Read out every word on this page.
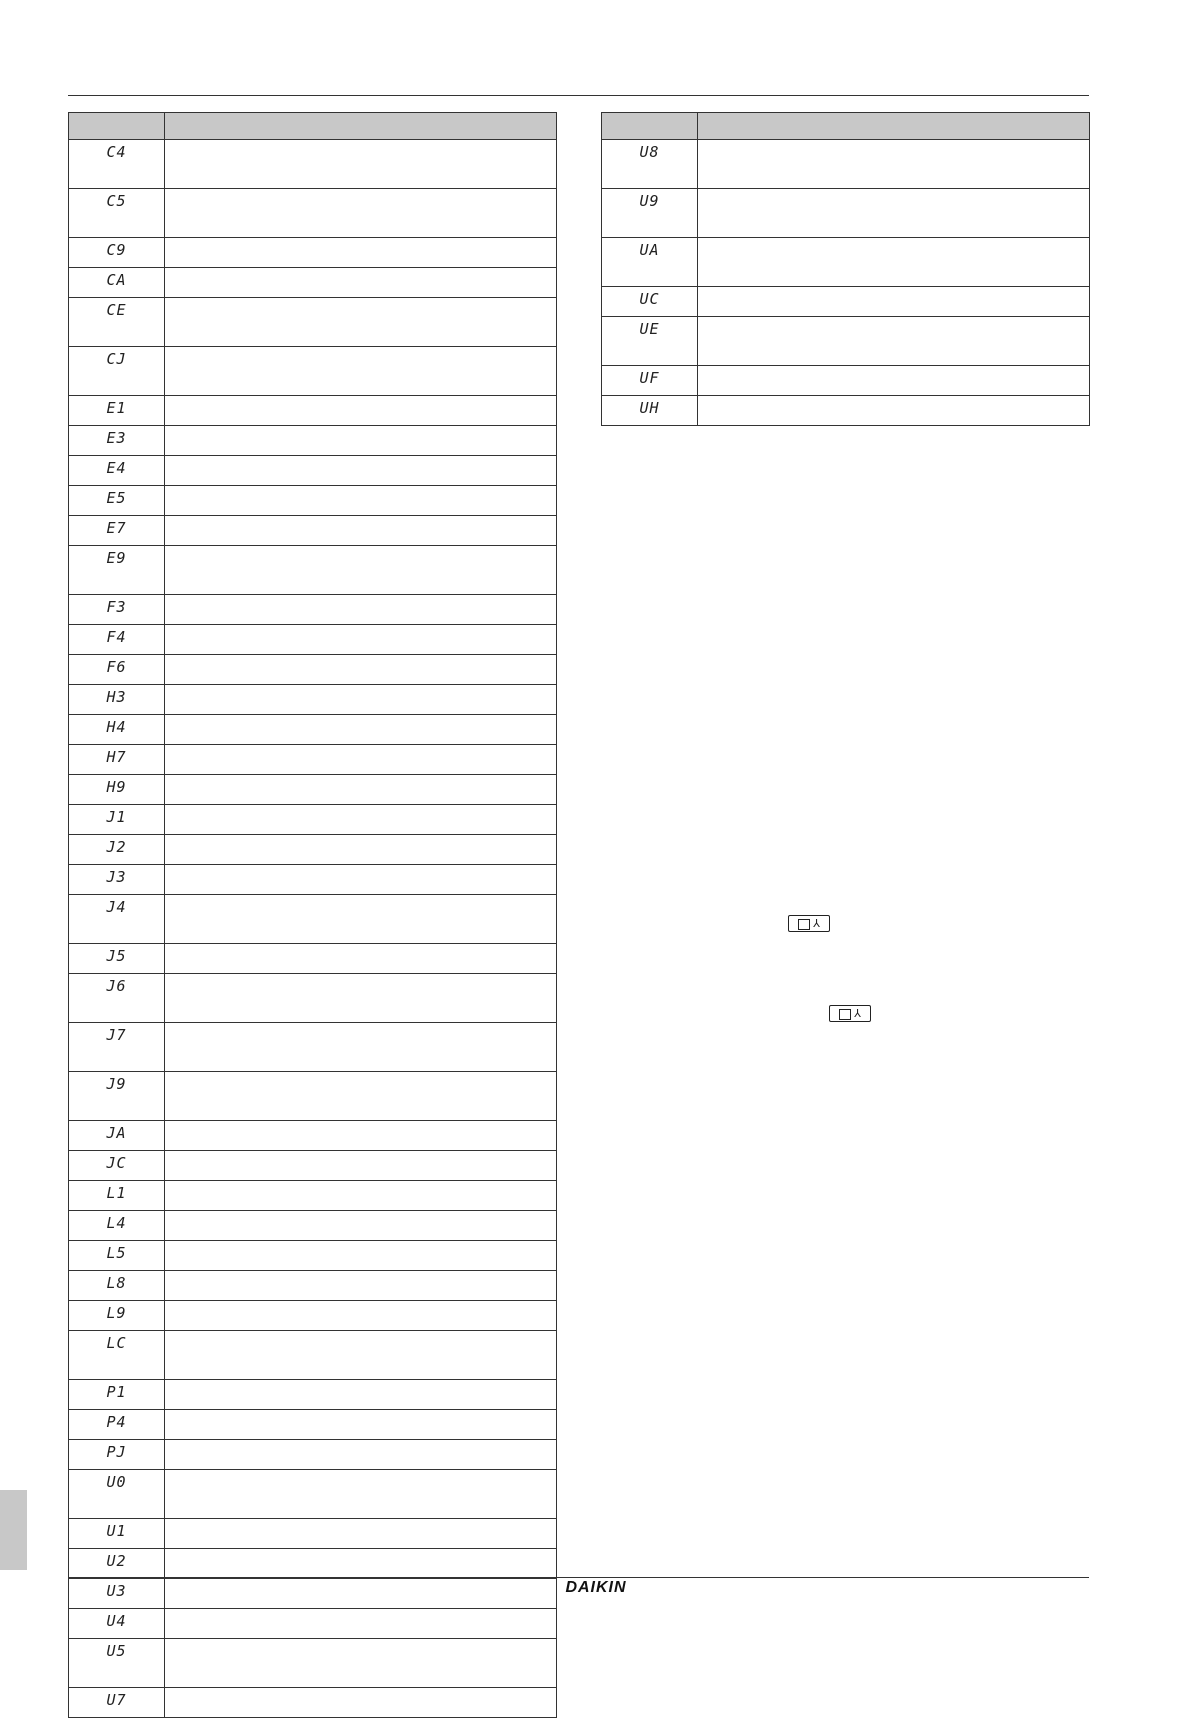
C4	
C5	
C9	
CA	
CE	
CJ	
E1	
E3	
E4	
E5	
E7	
E9	
F3	
F4	
F6	
H3	
H4	
H7	
H9	
J1	
J2	
J3	
J4	
J5	
J6	
J7	
J9	
JA	
JC	
L1	
L4	
L5	
L8	
L9	
LC	
P1	
P4	
PJ	
U0	
U1	
U2	
U3	
U4	
U5	
U7	

U8	
U9	
UA	
UC	
UE	
UF	
UH	
⅄
⅄
DAIKIN
